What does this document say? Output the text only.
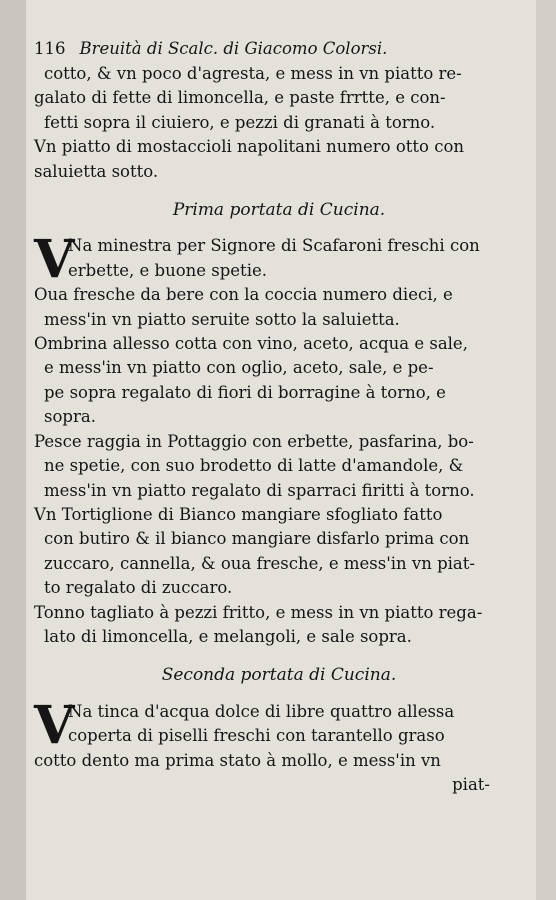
116 Breuità di Scalc. di Giacomo Colorsi.
cotto, & vn poco d'agresta, e mess in vn piatto re-
galato di fette di limoncella, e paste frrtte, e con-
fetti sopra il ciuiero, e pezzi di granati à torno.
Vn piatto di mostaccioli napolitani numero otto con
saluietta sotto.
Prima portata di Cucina.
V
Na minestra per Signore di Scafaroni freschi con
erbette, e buone spetie.
Oua fresche da bere con la coccia numero dieci, e
mess'in vn piatto seruite sotto la saluietta.
Ombrina allesso cotta con vino, aceto, acqua e sale,
e mess'in vn piatto con oglio, aceto, sale, e pe-
pe sopra regalato di fiori di borragine à torno, e
sopra.
Pesce raggia in Pottaggio con erbette, pasfarina, bo-
ne spetie, con suo brodetto di latte d'amandole, &
mess'in vn piatto regalato di sparraci firitti à torno.
Vn Tortiglione di Bianco mangiare sfogliato fatto
con butiro & il bianco mangiare disfarlo prima con
zuccaro, cannella, & oua fresche, e mess'in vn piat-
to regalato di zuccaro.
Tonno tagliato à pezzi fritto, e mess in vn piatto rega-
lato di limoncella, e melangoli, e sale sopra.
Seconda portata di Cucina.
V
Na tinca d'acqua dolce di libre quattro allessa
coperta di piselli freschi con tarantello graso
cotto dento ma prima stato à mollo, e mess'in vn
piat-
